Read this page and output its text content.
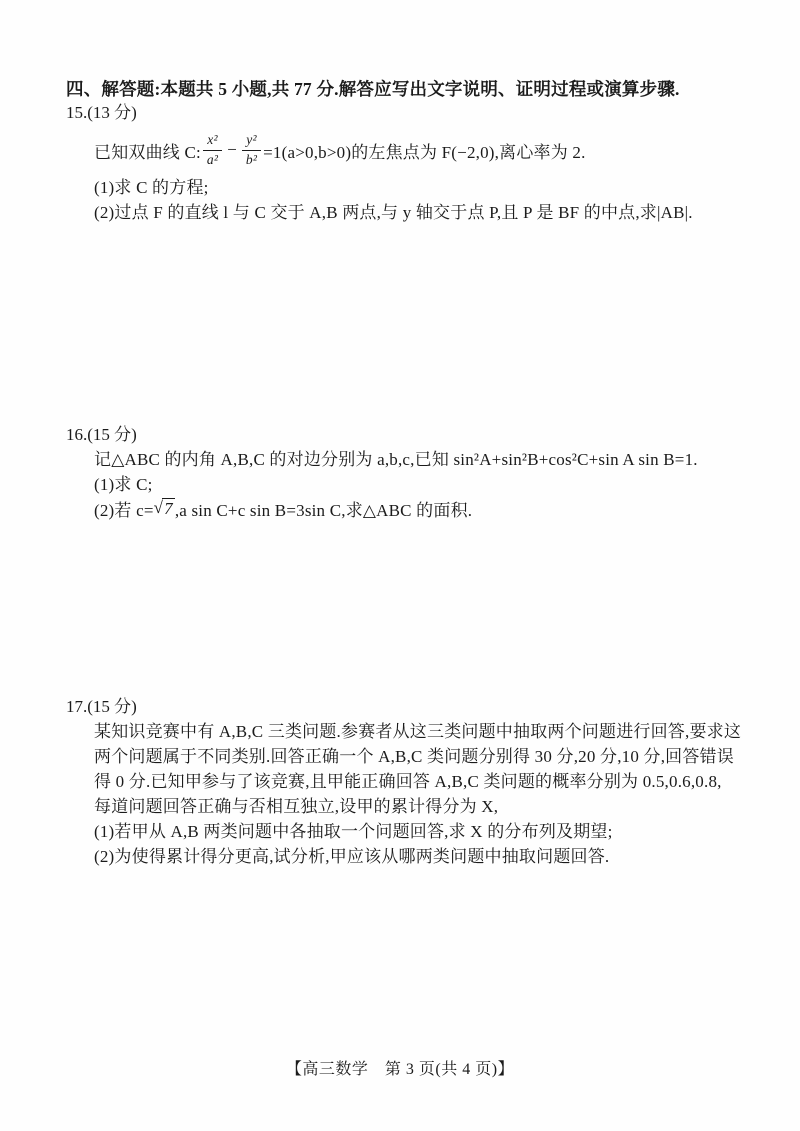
四、解答题:本题共 5 小题,共 77 分.解答应写出文字说明、证明过程或演算步骤.
15.(13 分)
已知双曲线 C: $\frac{\text{x²}}{\text{a²}} - \frac{\text{y²}}{\text{b²}} =1(a>0,b>0)$的左焦点为 F(−2,0),离心率为 2.
(1)求 C 的方程;
(2)过点 F 的直线 l 与 C 交于 A,B 两点,与 y 轴交于点 P,且 P 是 BF 的中点,求|AB|.
16.(15 分)
记△ABC 的内角 A,B,C 的对边分别为 a,b,c,已知 sin²A+sin²B+cos²C+sin A sin B=1.
(1)求 C;
(2)若 c= √ 7 ,a sin C+c sin B=3sin C,求△ABC 的面积.
17.(15 分)
某知识竞赛中有 A,B,C 三类问题.参赛者从这三类问题中抽取两个问题进行回答,要求这
两个问题属于不同类别.回答正确一个 A,B,C 类问题分别得 30 分,20 分,10 分,回答错误
得 0 分.已知甲参与了该竞赛,且甲能正确回答 A,B,C 类问题的概率分别为 0.5,0.6,0.8,
每道问题回答正确与否相互独立,设甲的累计得分为 X,
(1)若甲从 A,B 两类问题中各抽取一个问题回答,求 X 的分布列及期望;
(2)为使得累计得分更高,试分析,甲应该从哪两类问题中抽取问题回答.
【高三数学　第 3 页(共 4 页)】
